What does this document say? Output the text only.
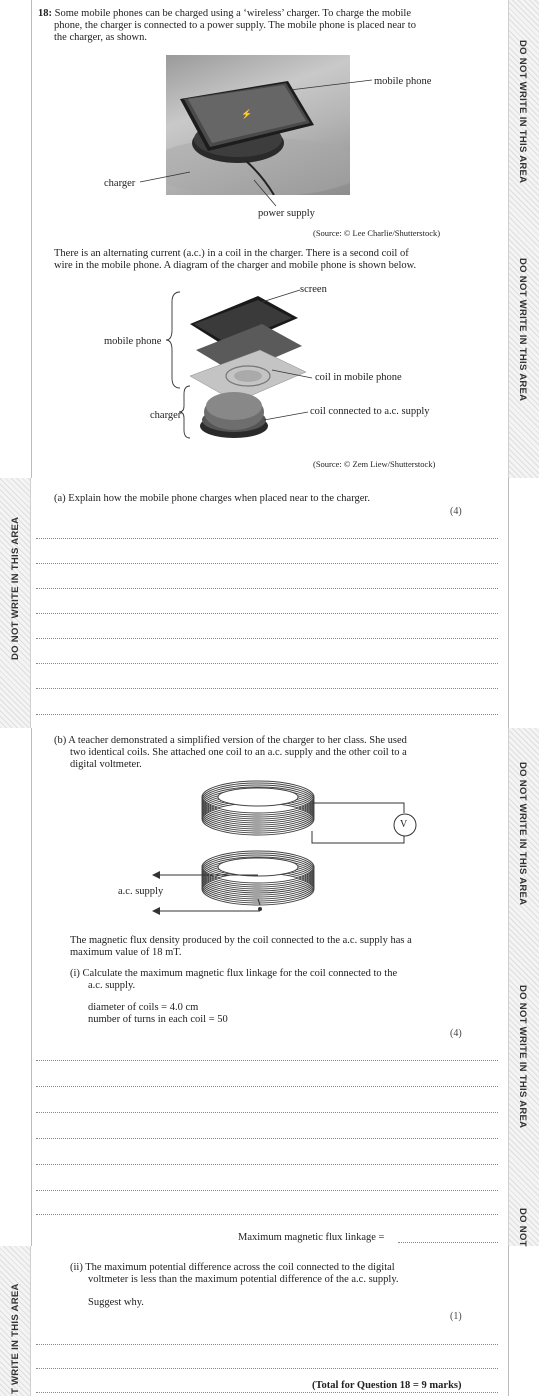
DO NOT WRITE IN THIS AREA
DO NOT WRITE IN THIS AREA
DO NOT WRITE IN THIS AREA
DO NOT WRITE IN THIS AREA
DO NOT WRITE IN THIS AREA
DO NOT
T WRITE IN THIS AREA
18: Some mobile phones can be charged using a ‘wireless’ charger. To charge the mobile
phone, the charger is connected to a power supply. The mobile phone is placed near to
the charger, as shown.
⚡
mobile phone
charger
power supply
(Source: © Lee Charlie/Shutterstock)
There is an alternating current (a.c.) in a coil in the charger. There is a second coil of
wire in the mobile phone. A diagram of the charger and mobile phone is shown below.
screen
mobile phone
coil in mobile phone
charger	coil connected to a.c. supply
(Source: © Zem Liew/Shutterstock)
(a) Explain how the mobile phone charges when placed near to the charger.
(4)
(b) A teacher demonstrated a simplified version of the charger to her class. She used
two identical coils. She attached one coil to an a.c. supply and the other coil to a
digital voltmeter.
V
a.c. supply
The magnetic flux density produced by the coil connected to the a.c. supply has a
maximum value of 18 mT.
(i) Calculate the maximum magnetic flux linkage for the coil connected to the
a.c. supply.
diameter of coils = 4.0 cm
number of turns in each coil = 50
(4)
Maximum magnetic flux linkage =
(ii) The maximum potential difference across the coil connected to the digital
voltmeter is less than the maximum potential difference of the a.c. supply.
Suggest why.
(1)
(Total for Question 18 = 9 marks)
